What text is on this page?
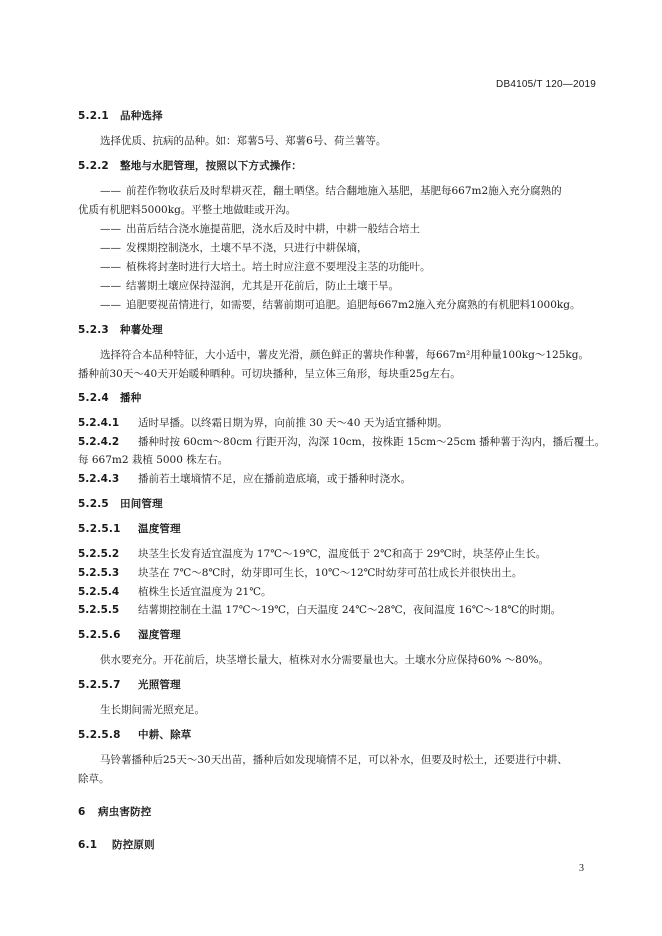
DB4105/T 120—2019
5.2.1 品种选择
选择优质、抗病的品种。如：郑薯5号、郑薯6号、荷兰薯等。
5.2.2 整地与水肥管理，按照以下方式操作：
—— 前茬作物收获后及时犁耕灭茬，翻土晒垡。结合翻地施入基肥，基肥每667m2施入充分腐熟的
优质有机肥料5000kg。平整土地做畦或开沟。
—— 出苗后结合浇水施提苗肥，浇水后及时中耕，中耕一般结合培土
—— 发棵期控制浇水，土壤不旱不浇，只进行中耕保墒，
—— 植株将封垄时进行大培土。培土时应注意不要埋没主茎的功能叶。
—— 结薯期土壤应保持湿润，尤其是开花前后，防止土壤干旱。
—— 追肥要视苗情进行，如需要，结薯前期可追肥。追肥每667m2施入充分腐熟的有机肥料1000kg。
5.2.3 种薯处理
选择符合本品种特征，大小适中，薯皮光滑，颜色鲜正的薯块作种薯，每667m²用种量100kg～125kg。
播种前30天～40天开始暖种晒种。可切块播种，呈立体三角形，每块重25g左右。
5.2.4 播种
5.2.4.1 适时早播。以终霜日期为界，向前推 30 天～40 天为适宜播种期。
5.2.4.2 播种时按 60cm～80cm 行距开沟，沟深 10cm，按株距 15cm～25cm 播种薯于沟内，播后覆土。
每 667m2 栽植 5000 株左右。
5.2.4.3 播前若土壤墒情不足，应在播前造底墒，或于播种时浇水。
5.2.5 田间管理
5.2.5.1 温度管理
5.2.5.2 块茎生长发育适宜温度为 17℃～19℃，温度低于 2℃和高于 29℃时，块茎停止生长。
5.2.5.3 块茎在 7℃～8℃时，幼芽即可生长，10℃～12℃时幼芽可茁壮成长并很快出土。
5.2.5.4 植株生长适宜温度为 21℃。
5.2.5.5 结薯期控制在土温 17℃～19℃，白天温度 24℃～28℃，夜间温度 16℃～18℃的时期。
5.2.5.6 湿度管理
供水要充分。开花前后，块茎增长量大，植株对水分需要量也大。土壤水分应保持60% ～80%。
5.2.5.7 光照管理
生长期间需光照充足。
5.2.5.8 中耕、除草
马铃薯播种后25天～30天出苗，播种后如发现墒情不足，可以补水，但要及时松土，还要进行中耕、
除草。
6 病虫害防控
6.1 防控原则
3
